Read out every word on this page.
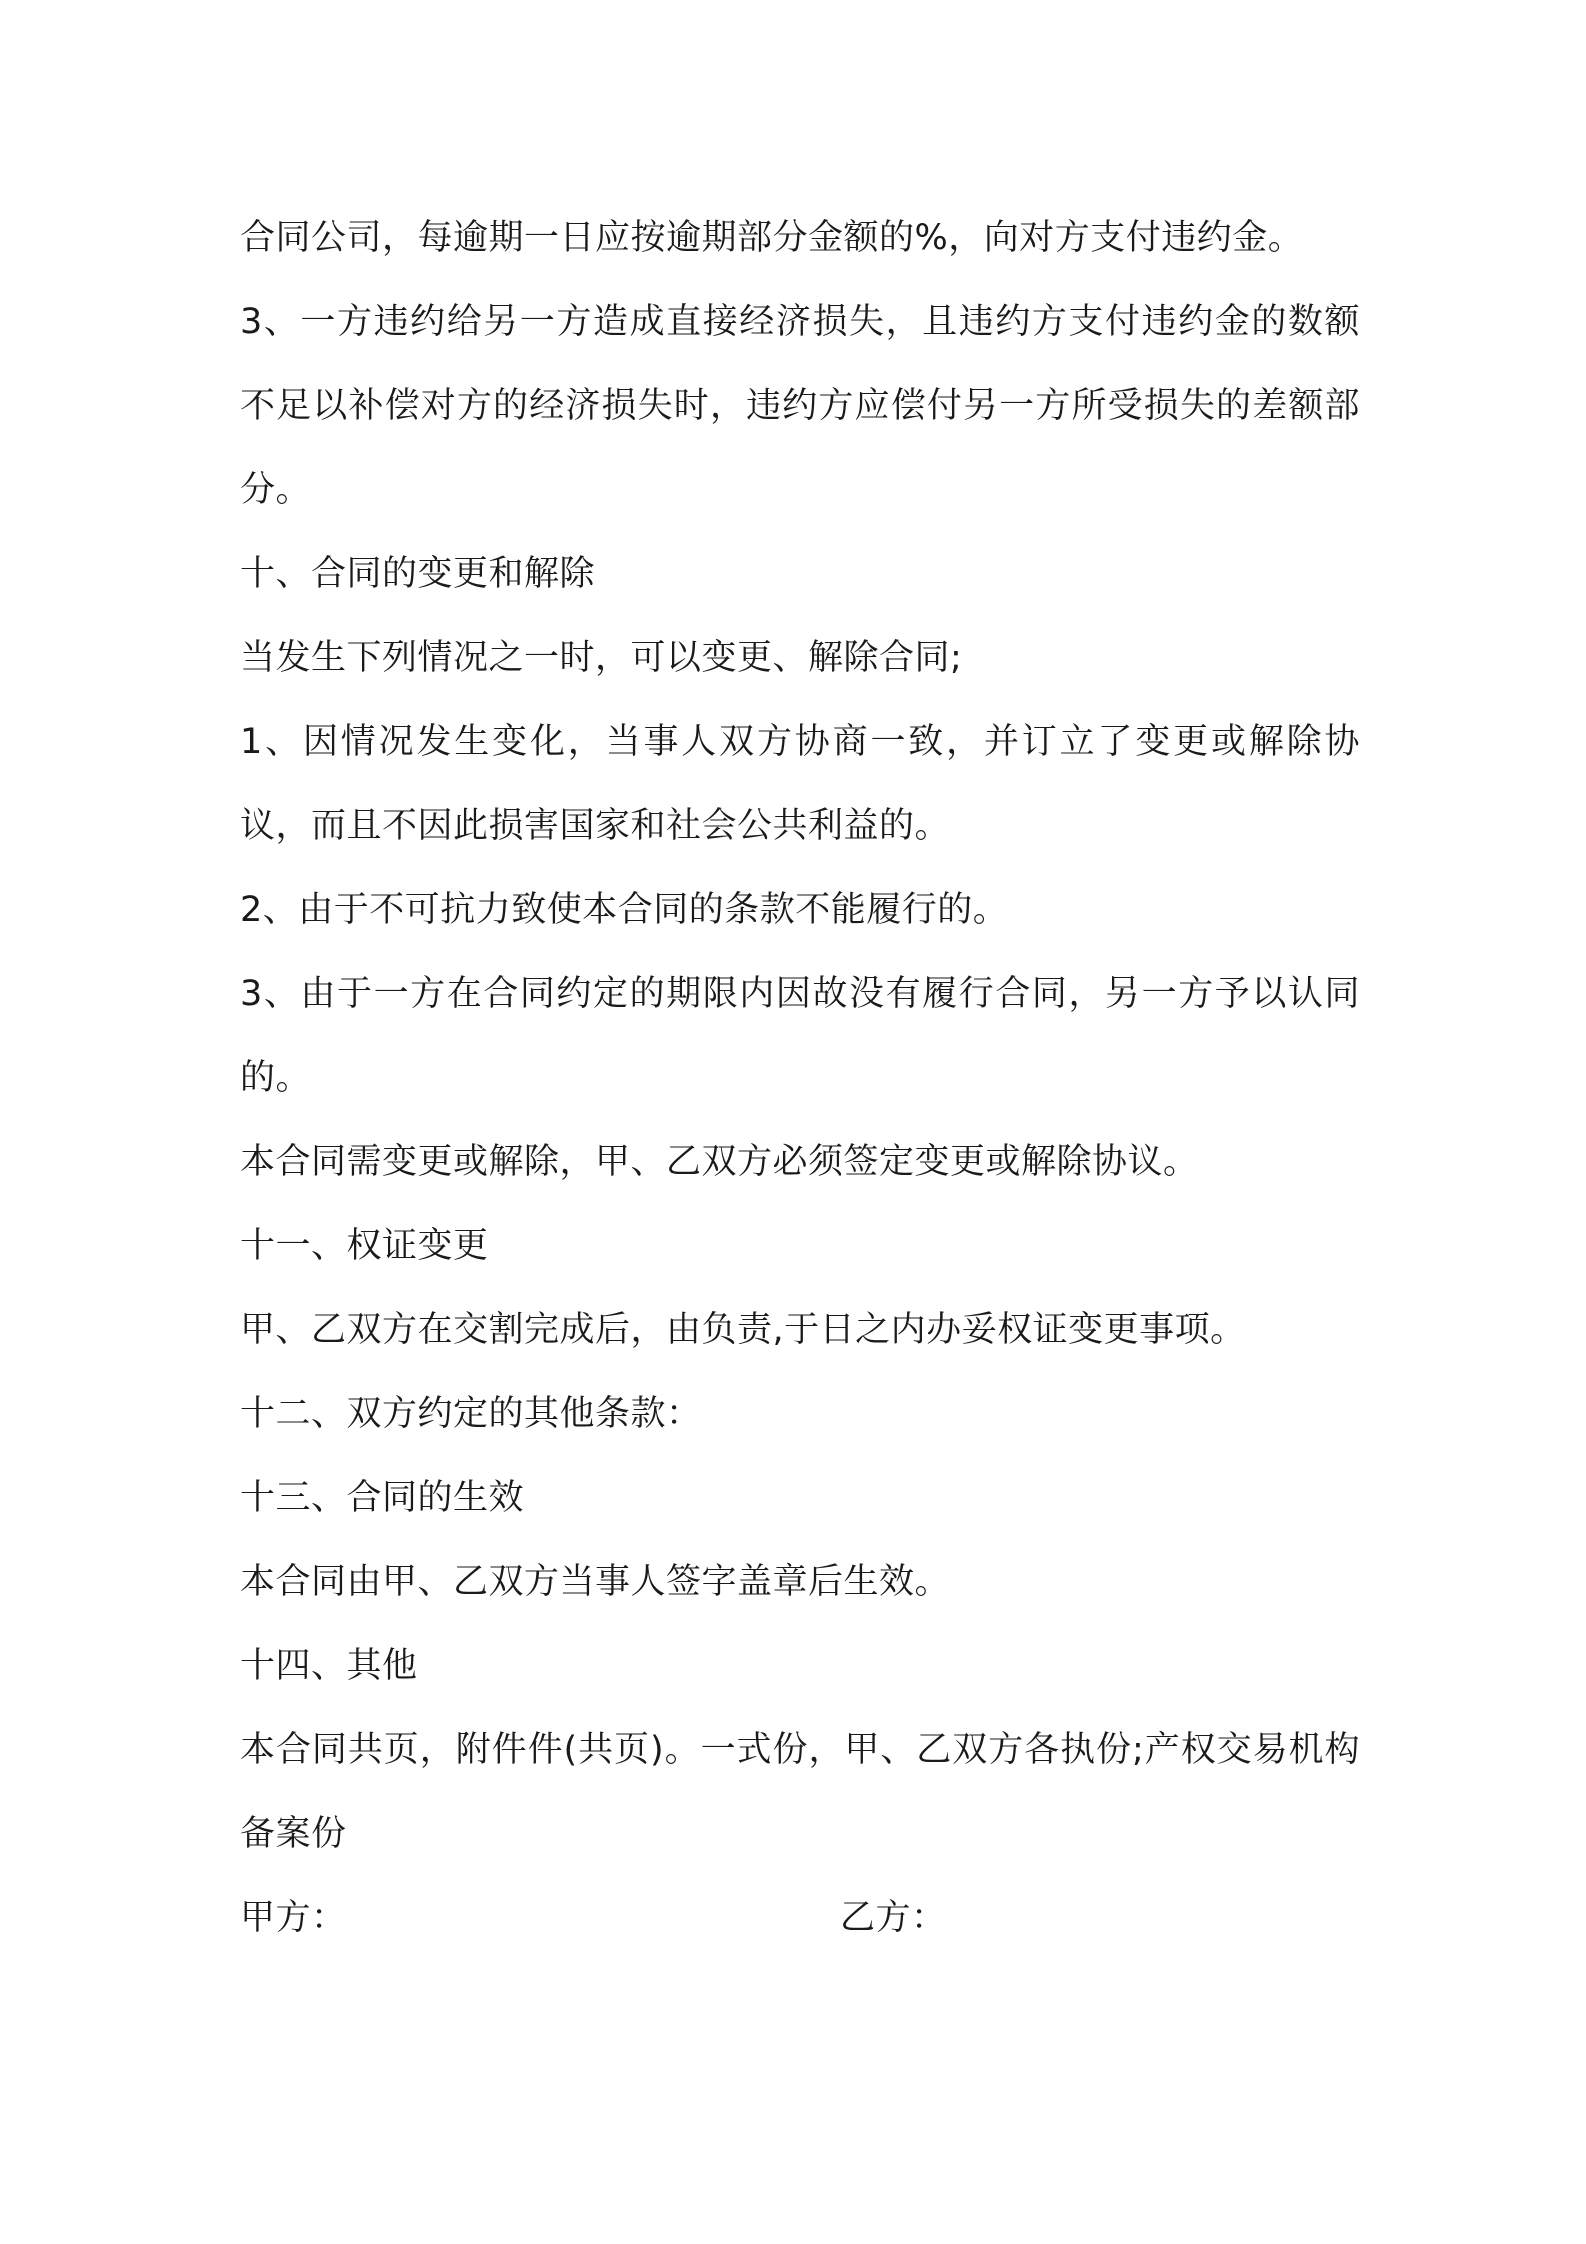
合同公司，每逾期一日应按逾期部分金额的%，向对方支付违约金。
3、一方违约给另一方造成直接经济损失，且违约方支付违约金的数额不足以补偿对方的经济损失时，违约方应偿付另一方所受损失的差额部分。
十、合同的变更和解除
当发生下列情况之一时，可以变更、解除合同;
1、因情况发生变化，当事人双方协商一致，并订立了变更或解除协议，而且不因此损害国家和社会公共利益的。
2、由于不可抗力致使本合同的条款不能履行的。
3、由于一方在合同约定的期限内因故没有履行合同，另一方予以认同的。
本合同需变更或解除，甲、乙双方必须签定变更或解除协议。
十一、权证变更
甲、乙双方在交割完成后，由负责,于日之内办妥权证变更事项。
十二、双方约定的其他条款：
十三、合同的生效
本合同由甲、乙双方当事人签字盖章后生效。
十四、其他
本合同共页，附件件(共页)。一式份，甲、乙双方各执份;产权交易机构备案份
甲方：	乙方：
